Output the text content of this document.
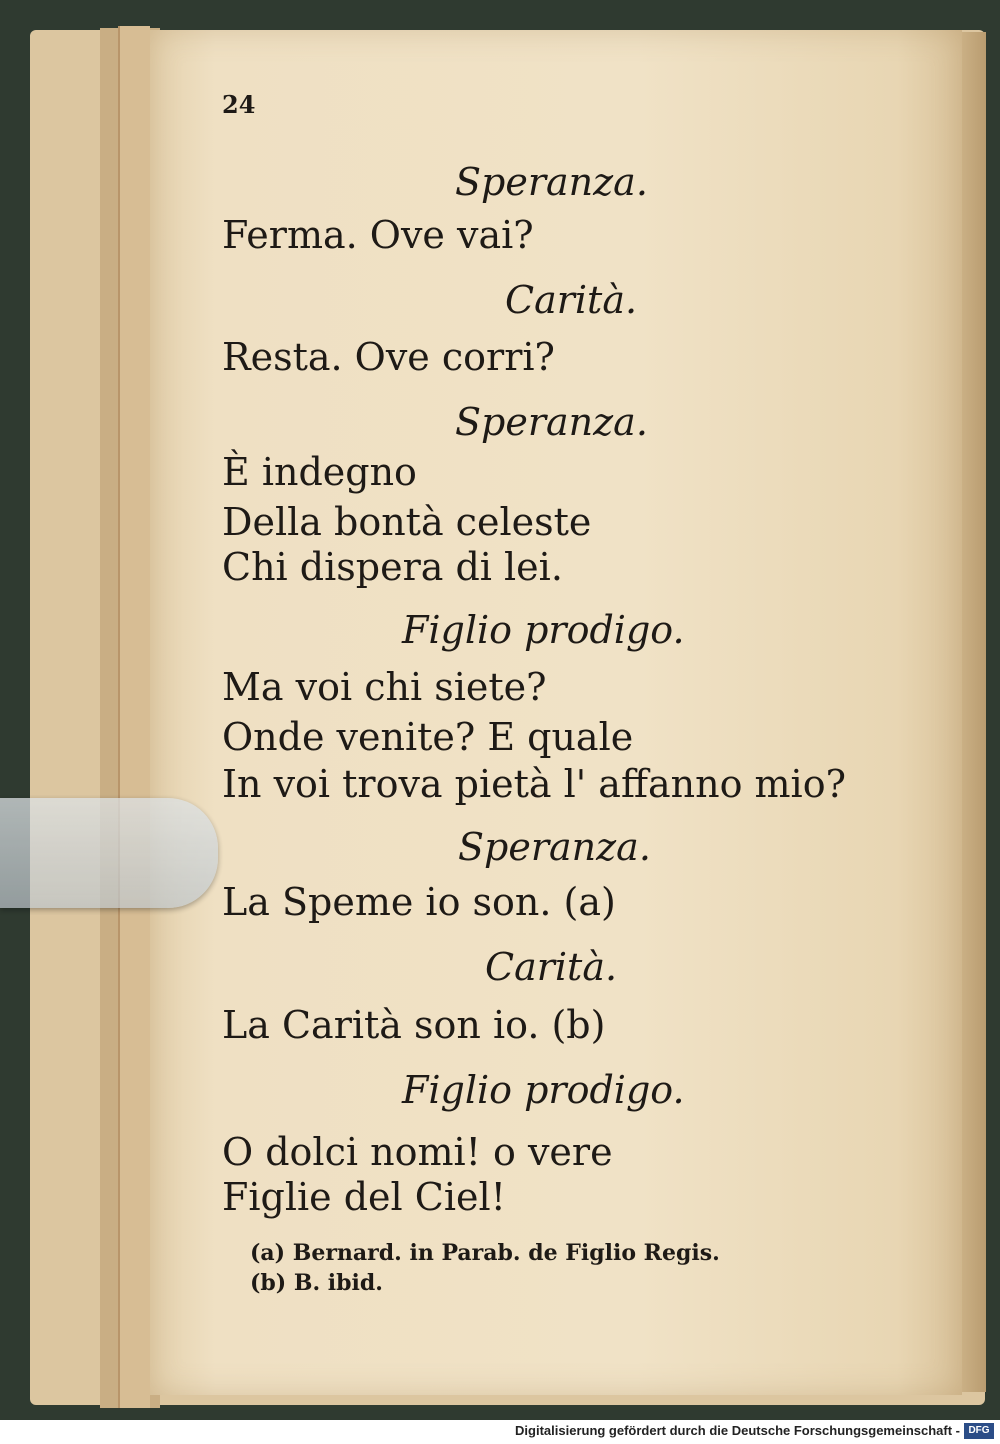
24
Speranza.
Ferma. Ove vai?
Carità.
Resta. Ove corri?
Speranza.
È indegno
Della bontà celeste
Chi dispera di lei.
Figlio prodigo.
Ma voi chi siete?
Onde venite? E quale
In voi trova pietà l' affanno mio?
Speranza.
La Speme io son. (a)
Carità.
La Carità son io. (b)
Figlio prodigo.
O dolci nomi! o vere
Figlie del Ciel!
(a) Bernard. in Parab. de Figlio Regis.
(b) B. ibid.
Digitalisierung gefördert durch die Deutsche Forschungsgemeinschaft - DFG
